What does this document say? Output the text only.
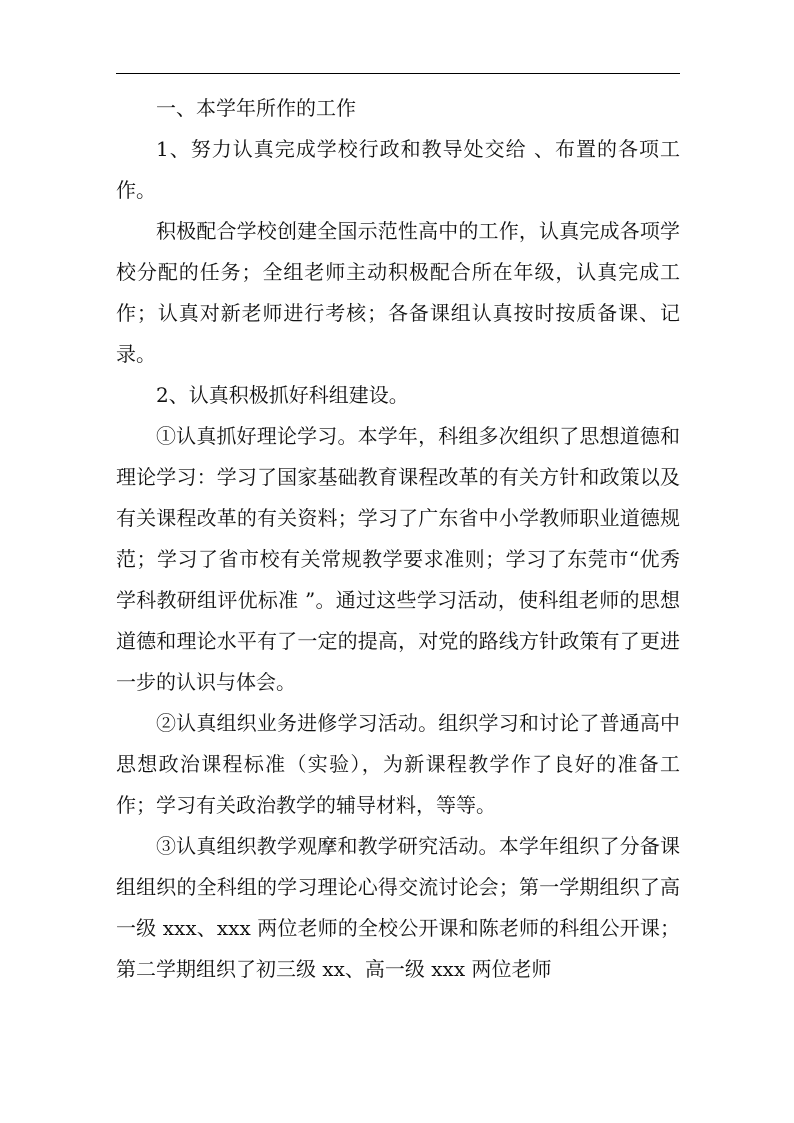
一、本学年所作的工作

1、努力认真完成学校行政和教导处交给 、布置的各项工作。

积极配合学校创建全国示范性高中的工作，认真完成各项学校分配的任务；全组老师主动积极配合所在年级，认真完成工作；认真对新老师进行考核；各备课组认真按时按质备课、记录。

2、认真积极抓好科组建设。

①认真抓好理论学习。本学年，科组多次组织了思想道德和理论学习：学习了国家基础教育课程改革的有关方针和政策以及有关课程改革的有关资料；学习了广东省中小学教师职业道德规范；学习了省市校有关常规教学要求准则；学习了东莞市“优秀学科教研组评优标准 ”。通过这些学习活动，使科组老师的思想道德和理论水平有了一定的提高，对党的路线方针政策有了更进一步的认识与体会。

②认真组织业务进修学习活动。组织学习和讨论了普通高中思想政治课程标准（实验），为新课程教学作了良好的准备工作；学习有关政治教学的辅导材料，等等。

③认真组织教学观摩和教学研究活动。本学年组织了分备课组组织的全科组的学习理论心得交流讨论会；第一学期组织了高一级 xxx、xxx 两位老师的全校公开课和陈老师的科组公开课；第二学期组织了初三级 xx、高一级 xxx 两位老师
